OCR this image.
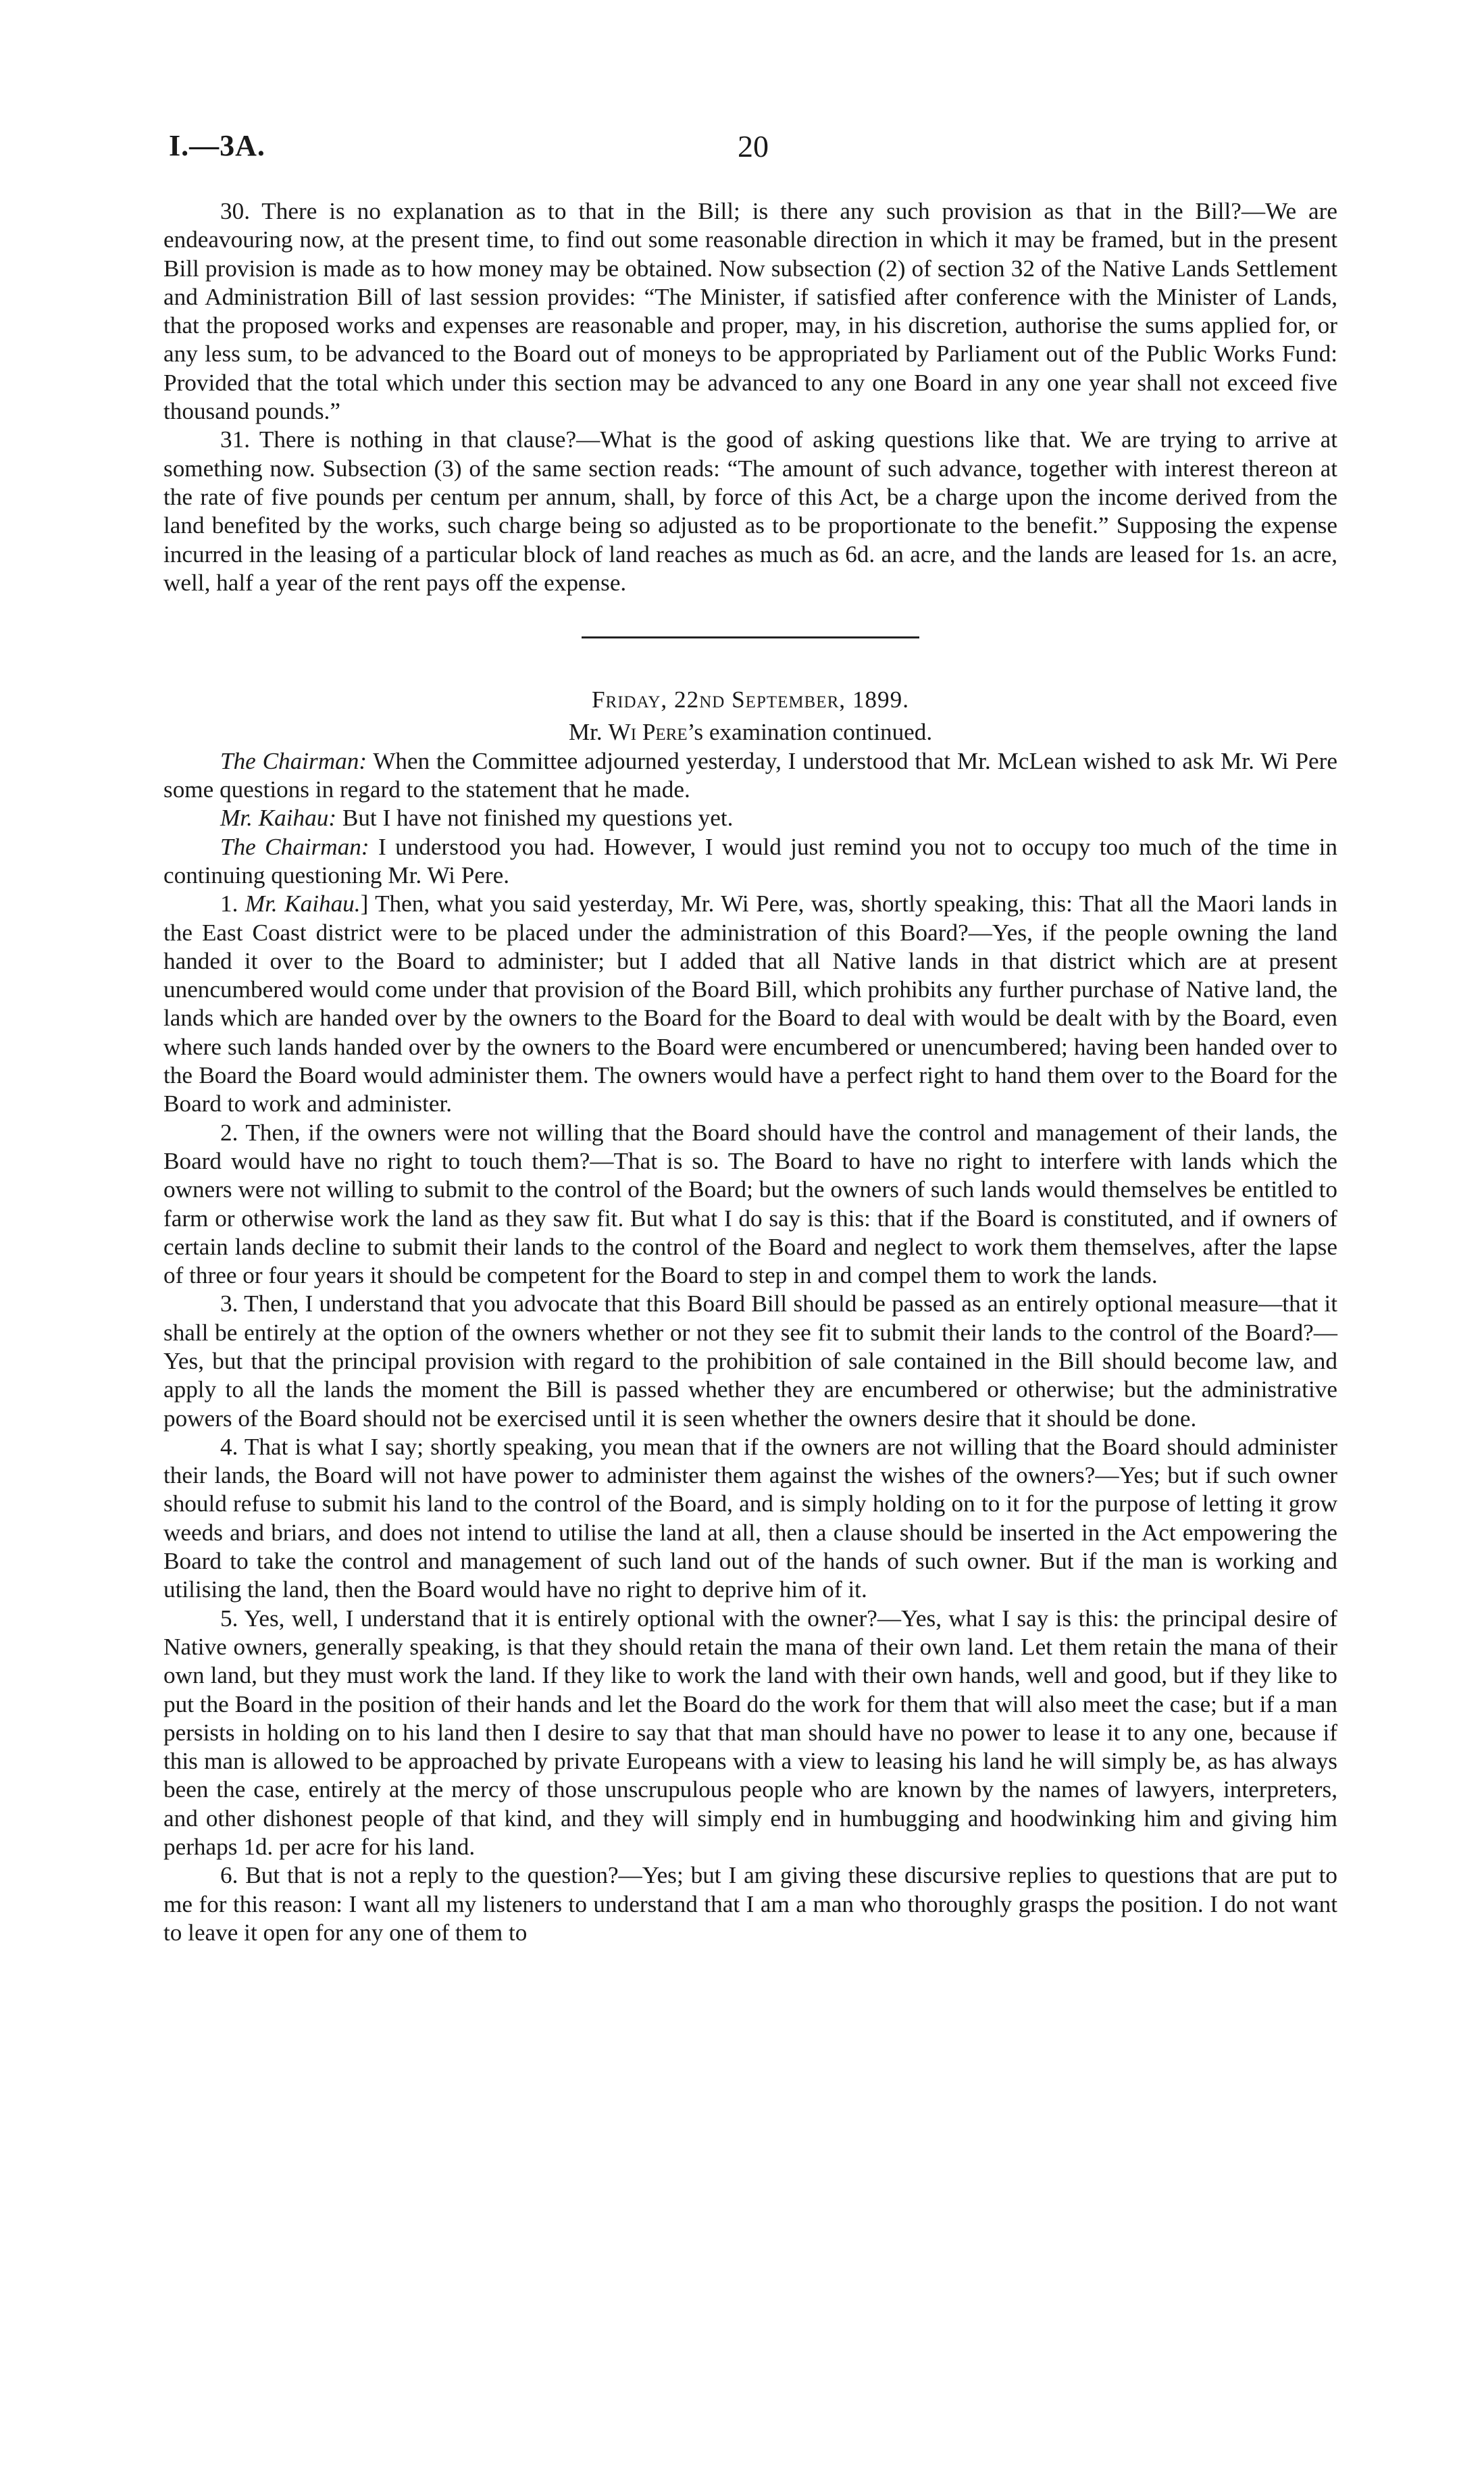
I.—3A.	20

30. There is no explanation as to that in the Bill; is there any such provision as that in the Bill?—We are endeavouring now, at the present time, to find out some reasonable direction in which it may be framed, but in the present Bill provision is made as to how money may be obtained. Now subsection (2) of section 32 of the Native Lands Settlement and Administration Bill of last session provides: “The Minister, if satisfied after conference with the Minister of Lands, that the proposed works and expenses are reasonable and proper, may, in his discretion, authorise the sums applied for, or any less sum, to be advanced to the Board out of moneys to be appropriated by Parliament out of the Public Works Fund: Provided that the total which under this section may be advanced to any one Board in any one year shall not exceed five thousand pounds.”

31. There is nothing in that clause?—What is the good of asking questions like that. We are trying to arrive at something now. Subsection (3) of the same section reads: “The amount of such advance, together with interest thereon at the rate of five pounds per centum per annum, shall, by force of this Act, be a charge upon the income derived from the land benefited by the works, such charge being so adjusted as to be proportionate to the benefit.” Supposing the expense incurred in the leasing of a particular block of land reaches as much as 6d. an acre, and the lands are leased for 1s. an acre, well, half a year of the rent pays off the expense.

Friday, 22nd September, 1899.

Mr. Wi Pere’s examination continued.

The Chairman: When the Committee adjourned yesterday, I understood that Mr. McLean wished to ask Mr. Wi Pere some questions in regard to the statement that he made.

Mr. Kaihau: But I have not finished my questions yet.

The Chairman: I understood you had. However, I would just remind you not to occupy too much of the time in continuing questioning Mr. Wi Pere.

1. Mr. Kaihau.] Then, what you said yesterday, Mr. Wi Pere, was, shortly speaking, this: That all the Maori lands in the East Coast district were to be placed under the administration of this Board?—Yes, if the people owning the land handed it over to the Board to administer; but I added that all Native lands in that district which are at present unencumbered would come under that provision of the Board Bill, which prohibits any further purchase of Native land, the lands which are handed over by the owners to the Board for the Board to deal with would be dealt with by the Board, even where such lands handed over by the owners to the Board were encumbered or unencumbered; having been handed over to the Board the Board would administer them. The owners would have a perfect right to hand them over to the Board for the Board to work and administer.

2. Then, if the owners were not willing that the Board should have the control and management of their lands, the Board would have no right to touch them?—That is so. The Board to have no right to interfere with lands which the owners were not willing to submit to the control of the Board; but the owners of such lands would themselves be entitled to farm or otherwise work the land as they saw fit. But what I do say is this: that if the Board is constituted, and if owners of certain lands decline to submit their lands to the control of the Board and neglect to work them themselves, after the lapse of three or four years it should be competent for the Board to step in and compel them to work the lands.

3. Then, I understand that you advocate that this Board Bill should be passed as an entirely optional measure—that it shall be entirely at the option of the owners whether or not they see fit to submit their lands to the control of the Board?—Yes, but that the principal provision with regard to the prohibition of sale contained in the Bill should become law, and apply to all the lands the moment the Bill is passed whether they are encumbered or otherwise; but the administrative powers of the Board should not be exercised until it is seen whether the owners desire that it should be done.

4. That is what I say; shortly speaking, you mean that if the owners are not willing that the Board should administer their lands, the Board will not have power to administer them against the wishes of the owners?—Yes; but if such owner should refuse to submit his land to the control of the Board, and is simply holding on to it for the purpose of letting it grow weeds and briars, and does not intend to utilise the land at all, then a clause should be inserted in the Act empowering the Board to take the control and management of such land out of the hands of such owner. But if the man is working and utilising the land, then the Board would have no right to deprive him of it.

5. Yes, well, I understand that it is entirely optional with the owner?—Yes, what I say is this: the principal desire of Native owners, generally speaking, is that they should retain the mana of their own land. Let them retain the mana of their own land, but they must work the land. If they like to work the land with their own hands, well and good, but if they like to put the Board in the position of their hands and let the Board do the work for them that will also meet the case; but if a man persists in holding on to his land then I desire to say that that man should have no power to lease it to any one, because if this man is allowed to be approached by private Europeans with a view to leasing his land he will simply be, as has always been the case, entirely at the mercy of those unscrupulous people who are known by the names of lawyers, interpreters, and other dishonest people of that kind, and they will simply end in humbugging and hoodwinking him and giving him perhaps 1d. per acre for his land.

6. But that is not a reply to the question?—Yes; but I am giving these discursive replies to questions that are put to me for this reason: I want all my listeners to understand that I am a man who thoroughly grasps the position. I do not want to leave it open for any one of them to
